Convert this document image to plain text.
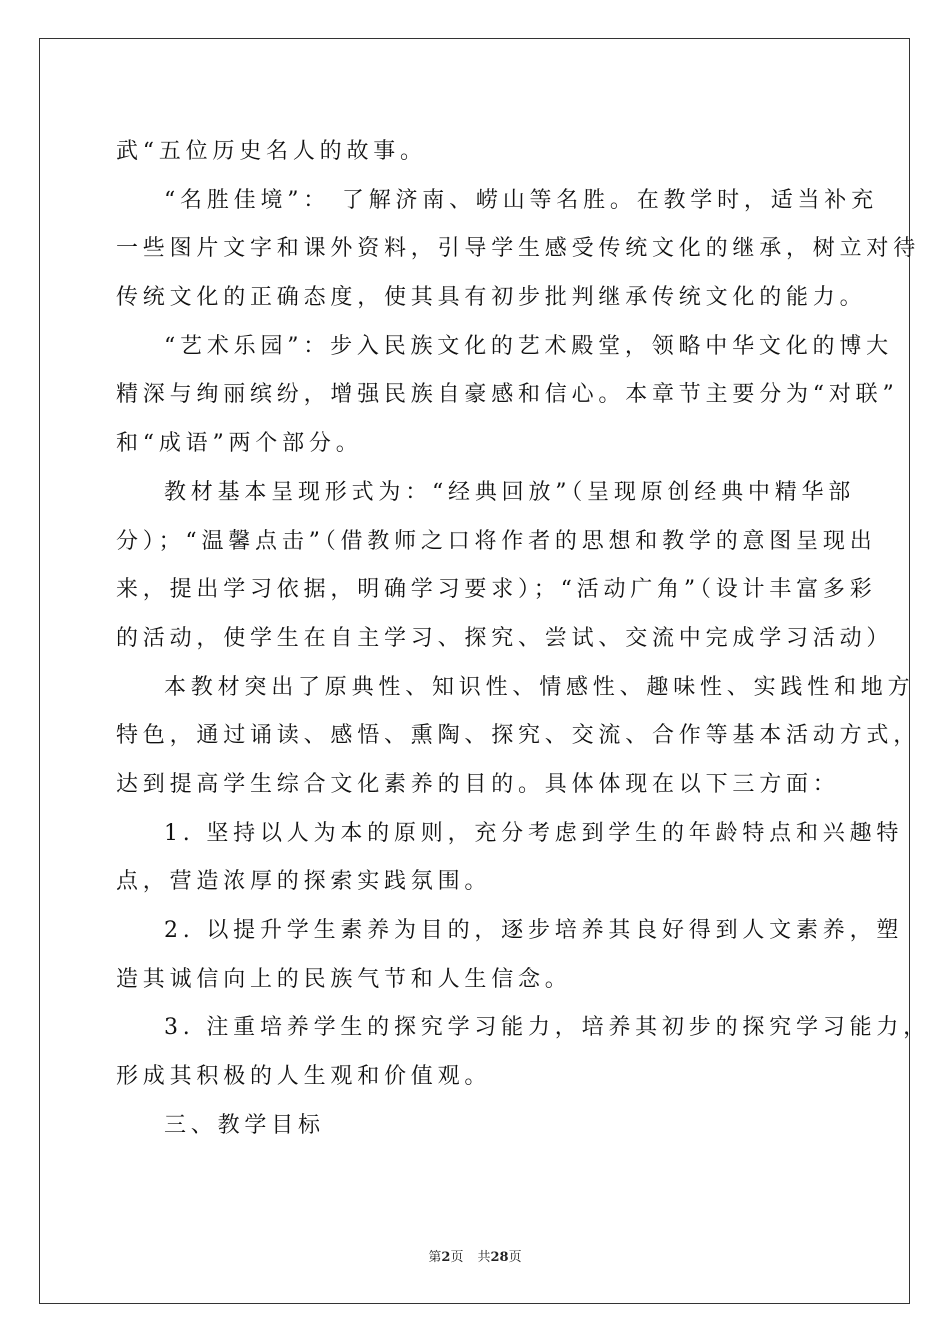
武“五位历史名人的故事。
“名胜佳境”： 了解济南、崂山等名胜。在教学时，适当补充
一些图片文字和课外资料，引导学生感受传统文化的继承，树立对待
传统文化的正确态度，使其具有初步批判继承传统文化的能力。
“艺术乐园”：步入民族文化的艺术殿堂，领略中华文化的博大
精深与绚丽缤纷，增强民族自豪感和信心。本章节主要分为“对联”
和“成语”两个部分。
教材基本呈现形式为：“经典回放”（呈现原创经典中精华部
分）；“温馨点击”（借教师之口将作者的思想和教学的意图呈现出
来，提出学习依据，明确学习要求）；“活动广角”（设计丰富多彩
的活动，使学生在自主学习、探究、尝试、交流中完成学习活动）
本教材突出了原典性、知识性、情感性、趣味性、实践性和地方
特色，通过诵读、感悟、熏陶、探究、交流、合作等基本活动方式，
达到提高学生综合文化素养的目的。具体体现在以下三方面：
1. 坚持以人为本的原则，充分考虑到学生的年龄特点和兴趣特
点，营造浓厚的探索实践氛围。
2. 以提升学生素养为目的，逐步培养其良好得到人文素养，塑
造其诚信向上的民族气节和人生信念。
3. 注重培养学生的探究学习能力，培养其初步的探究学习能力，
形成其积极的人生观和价值观。
三、教学目标
第2页 共28页
